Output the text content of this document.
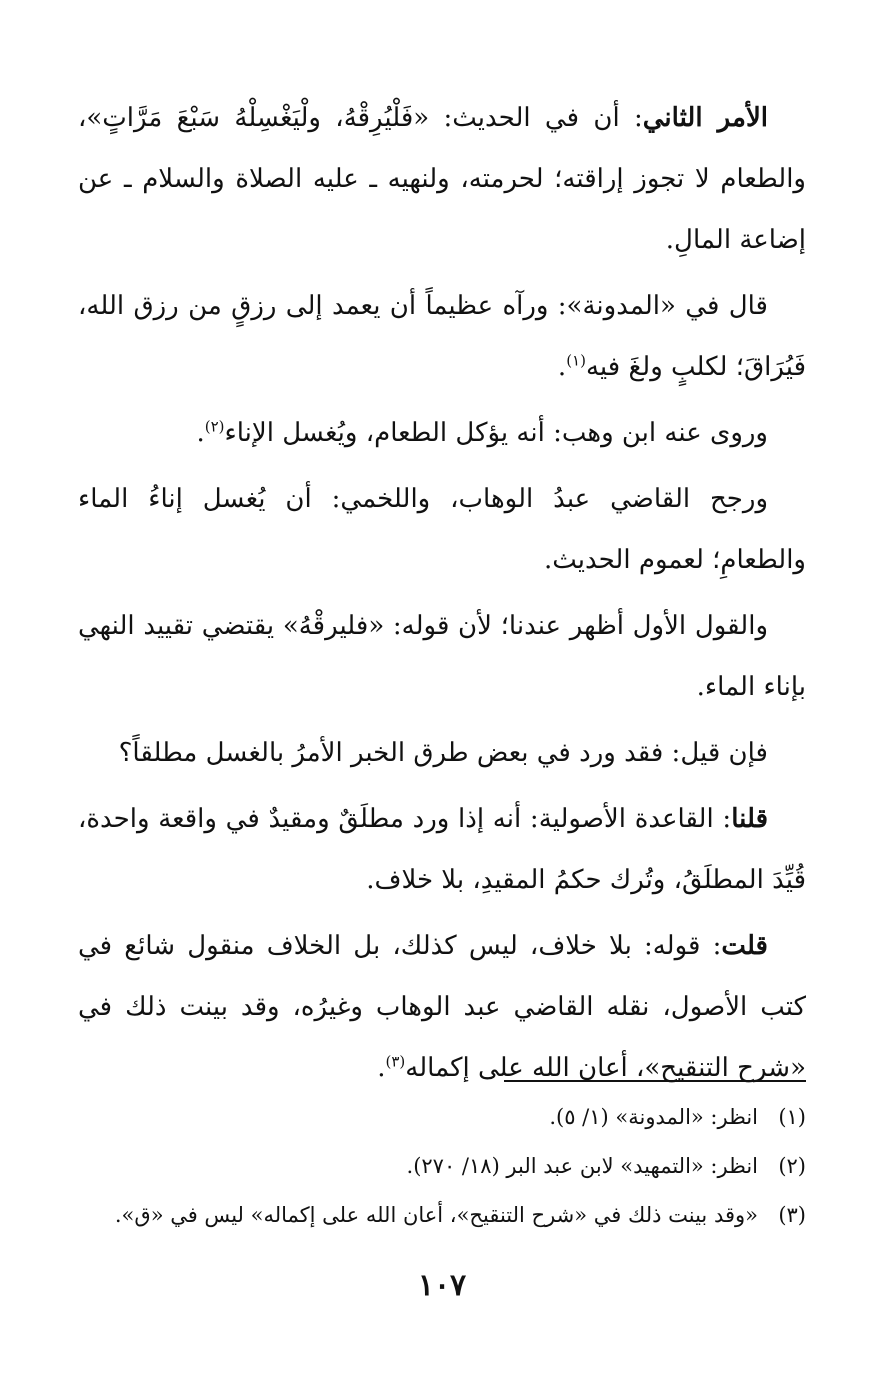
الأمر الثاني: أن في الحديث: «فَلْيُرِقْهُ، ولْيَغْسِلْهُ سَبْعَ مَرَّاتٍ»، والطعام لا تجوز إراقته؛ لحرمته، ولنهيه ـ عليه الصلاة والسلام ـ عن إضاعة المالِ.

قال في «المدونة»: ورآه عظيماً أن يعمد إلى رزقٍ من رزق الله، فَيُرَاقَ؛ لكلبٍ ولغَ فيه$^{(١)}$.

وروى عنه ابن وهب: أنه يؤكل الطعام، ويُغسل الإناء$^{(٢)}$.

ورجح القاضي عبدُ الوهاب، واللخمي: أن يُغسل إناءُ الماء والطعامِ؛ لعموم الحديث.

والقول الأول أظهر عندنا؛ لأن قوله: «فليرقْهُ» يقتضي تقييد النهي بإناء الماء.

فإن قيل: فقد ورد في بعض طرق الخبر الأمرُ بالغسل مطلقاً؟

قلنا: القاعدة الأصولية: أنه إذا ورد مطلَقٌ ومقيدٌ في واقعة واحدة، قُيِّدَ المطلَقُ، وتُرك حكمُ المقيدِ، بلا خلاف.

قلت: قوله: بلا خلاف، ليس كذلك، بل الخلاف منقول شائع في كتب الأصول، نقله القاضي عبد الوهاب وغيرُه، وقد بينت ذلك في «شرح التنقيح»، أعان الله على إكماله$^{(٣)}$.

(١)
انظر: «المدونة» (١/ ٥).
(٢)
انظر: «التمهيد» لابن عبد البر (١٨/ ٢٧٠).
(٣)
«وقد بينت ذلك في «شرح التنقيح»، أعان الله على إكماله» ليس في «ق».
١٠٧
